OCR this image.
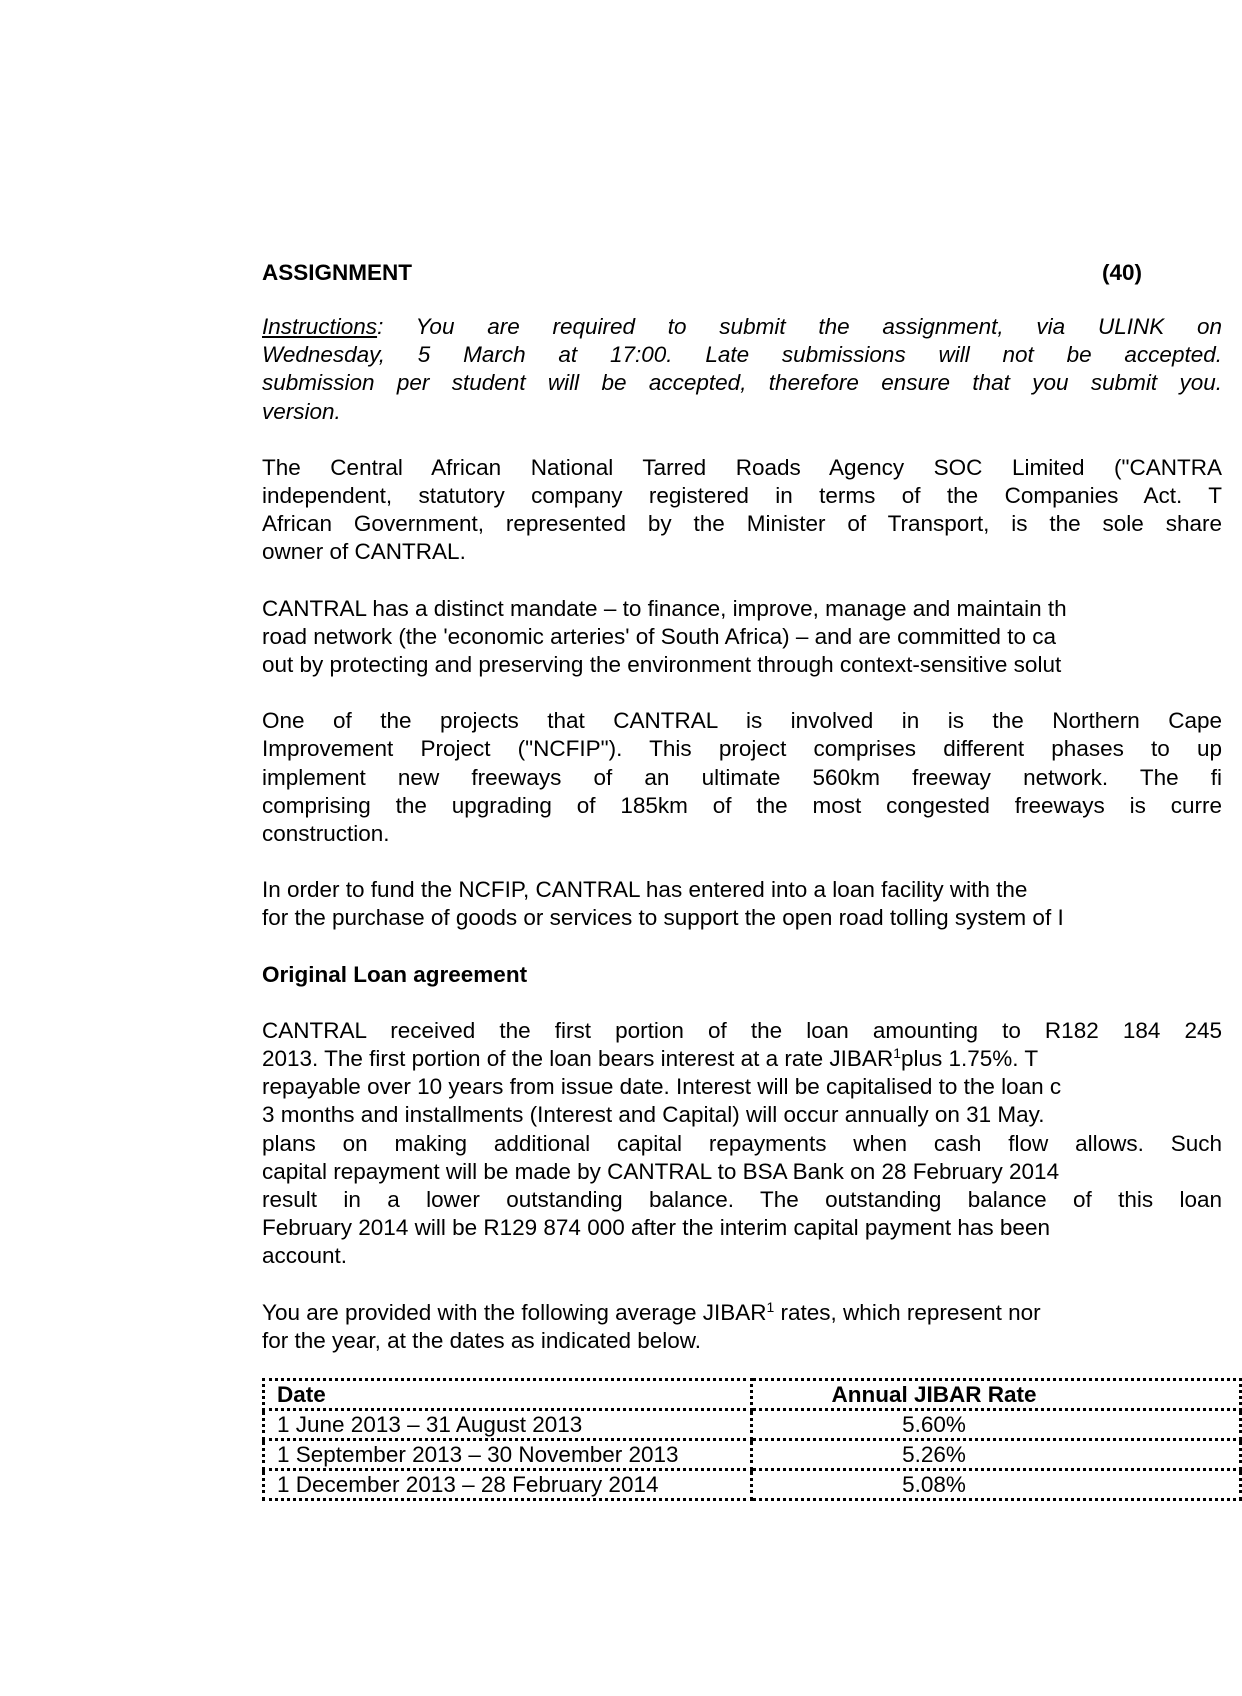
ASSIGNMENT	(40)
Instructions: You are required to submit the assignment, via ULINK on
Wednesday, 5 March at 17:00. Late submissions will not be accepted.
submission per student will be accepted, therefore ensure that you submit you.
version.
The Central African National Tarred Roads Agency SOC Limited ("CANTRA
independent, statutory company registered in terms of the Companies Act. T
African Government, represented by the Minister of Transport, is the sole share
owner of CANTRAL.
CANTRAL has a distinct mandate – to finance, improve, manage and maintain th
road network (the 'economic arteries' of South Africa) – and are committed to ca
out by protecting and preserving the environment through context-sensitive solut
One of the projects that CANTRAL is involved in is the Northern Cape
Improvement Project ("NCFIP"). This project comprises different phases to up
implement new freeways of an ultimate 560km freeway network. The fi
comprising the upgrading of 185km of the most congested freeways is curre
construction.
In order to fund the NCFIP, CANTRAL has entered into a loan facility with the
for the purchase of goods or services to support the open road tolling system of I
Original Loan agreement
CANTRAL received the first portion of the loan amounting to R182 184 245
2013. The first portion of the loan bears interest at a rate JIBAR$^1$plus 1.75%. T
repayable over 10 years from issue date. Interest will be capitalised to the loan c
3 months and installments (Interest and Capital) will occur annually on 31 May.
plans on making additional capital repayments when cash flow allows. Such
capital repayment will be made by CANTRAL to BSA Bank on 28 February 2014
result in a lower outstanding balance. The outstanding balance of this loan
February 2014 will be R129 874 000 after the interim capital payment has been
account.
You are provided with the following average JIBAR$^1$ rates, which represent nor
for the year, at the dates as indicated below.
Date	Annual JIBAR Rate
1 June 2013 – 31 August 2013	5.60%
1 September 2013 – 30 November 2013	5.26%
1 December 2013 – 28 February 2014	5.08%
